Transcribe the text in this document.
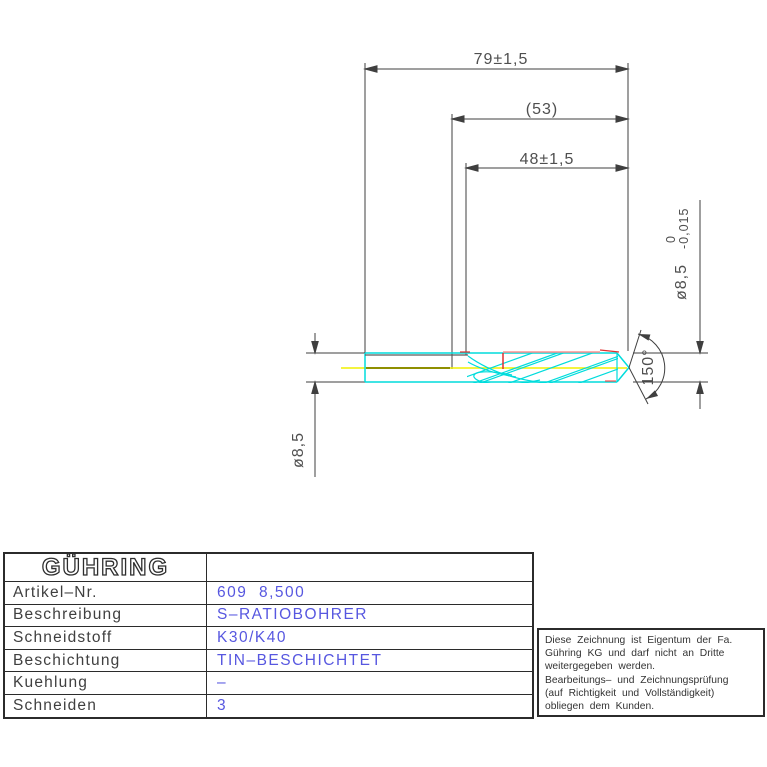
79±1,5
(53)
48±1,5
ø8,5
ø8,5
0 -0,015
150°
GÜHRING
Artikel–Nr.	609  8,500
Beschreibung	S–RATIOBOHRER
Schneidstoff	K30/K40
Beschichtung	TIN–BESCHICHTET
Kuehlung	–
Schneiden	3
Diese Zeichnung ist Eigentum der Fa.
Gühring KG und darf nicht an Dritte
weitergegeben werden.
Bearbeitungs– und Zeichnungsprüfung
(auf Richtigkeit und Vollständigkeit)
obliegen dem Kunden.
